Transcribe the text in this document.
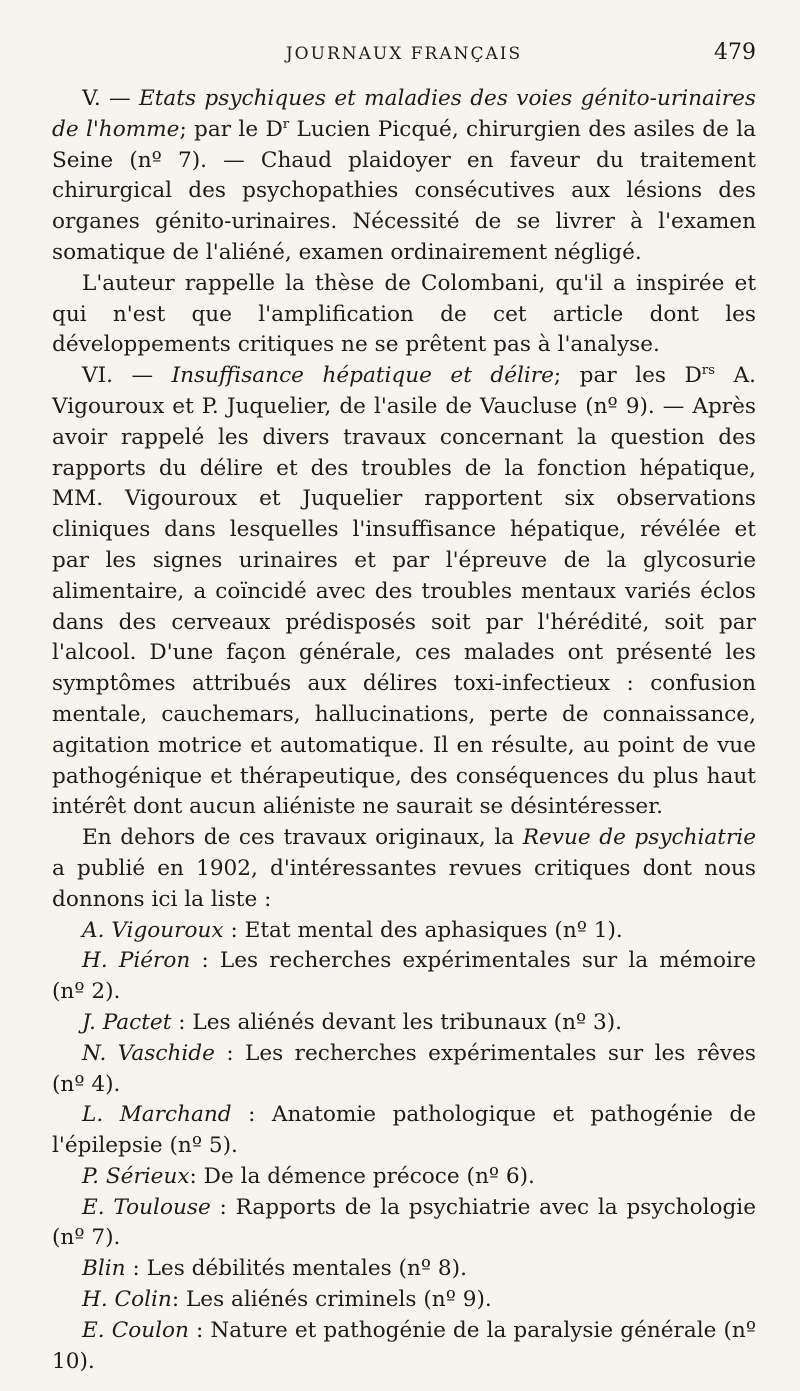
JOURNAUX FRANÇAIS	479

V. — Etats psychiques et maladies des voies génito-urinaires de l'homme; par le $D^r$ Lucien Picqué, chirurgien des asiles de la Seine (nº 7). — Chaud plaidoyer en faveur du traitement chirurgical des psychopathies consécutives aux lésions des organes génito-urinaires. Nécessité de se livrer à l'examen somatique de l'aliéné, examen ordinairement négligé.

L'auteur rappelle la thèse de Colombani, qu'il a inspirée et qui n'est que l'amplification de cet article dont les développements critiques ne se prêtent pas à l'analyse.

VI. — Insuffisance hépatique et délire; par les $D^{rs}$ A. Vigouroux et P. Juquelier, de l'asile de Vaucluse (nº 9). — Après avoir rappelé les divers travaux concernant la question des rapports du délire et des troubles de la fonction hépatique, MM. Vigouroux et Juquelier rapportent six observations cliniques dans lesquelles l'insuffisance hépatique, révélée et par les signes urinaires et par l'épreuve de la glycosurie alimentaire, a coïncidé avec des troubles mentaux variés éclos dans des cerveaux prédisposés soit par l'hérédité, soit par l'alcool. D'une façon générale, ces malades ont présenté les symptômes attribués aux délires toxi-infectieux : confusion mentale, cauchemars, hallucinations, perte de connaissance, agitation motrice et automatique. Il en résulte, au point de vue pathogénique et thérapeutique, des conséquences du plus haut intérêt dont aucun aliéniste ne saurait se désintéresser.

En dehors de ces travaux originaux, la Revue de psychiatrie a publié en 1902, d'intéressantes revues critiques dont nous donnons ici la liste :

A. Vigouroux : Etat mental des aphasiques (nº 1).

H. Piéron : Les recherches expérimentales sur la mémoire (nº 2).

J. Pactet : Les aliénés devant les tribunaux (nº 3).

N. Vaschide : Les recherches expérimentales sur les rêves (nº 4).

L. Marchand : Anatomie pathologique et pathogénie de l'épilepsie (nº 5).

P. Sérieux: De la démence précoce (nº 6).

E. Toulouse : Rapports de la psychiatrie avec la psychologie (nº 7).

Blin : Les débilités mentales (nº 8).

H. Colin: Les aliénés criminels (nº 9).

E. Coulon : Nature et pathogénie de la paralysie générale (nº 10).
